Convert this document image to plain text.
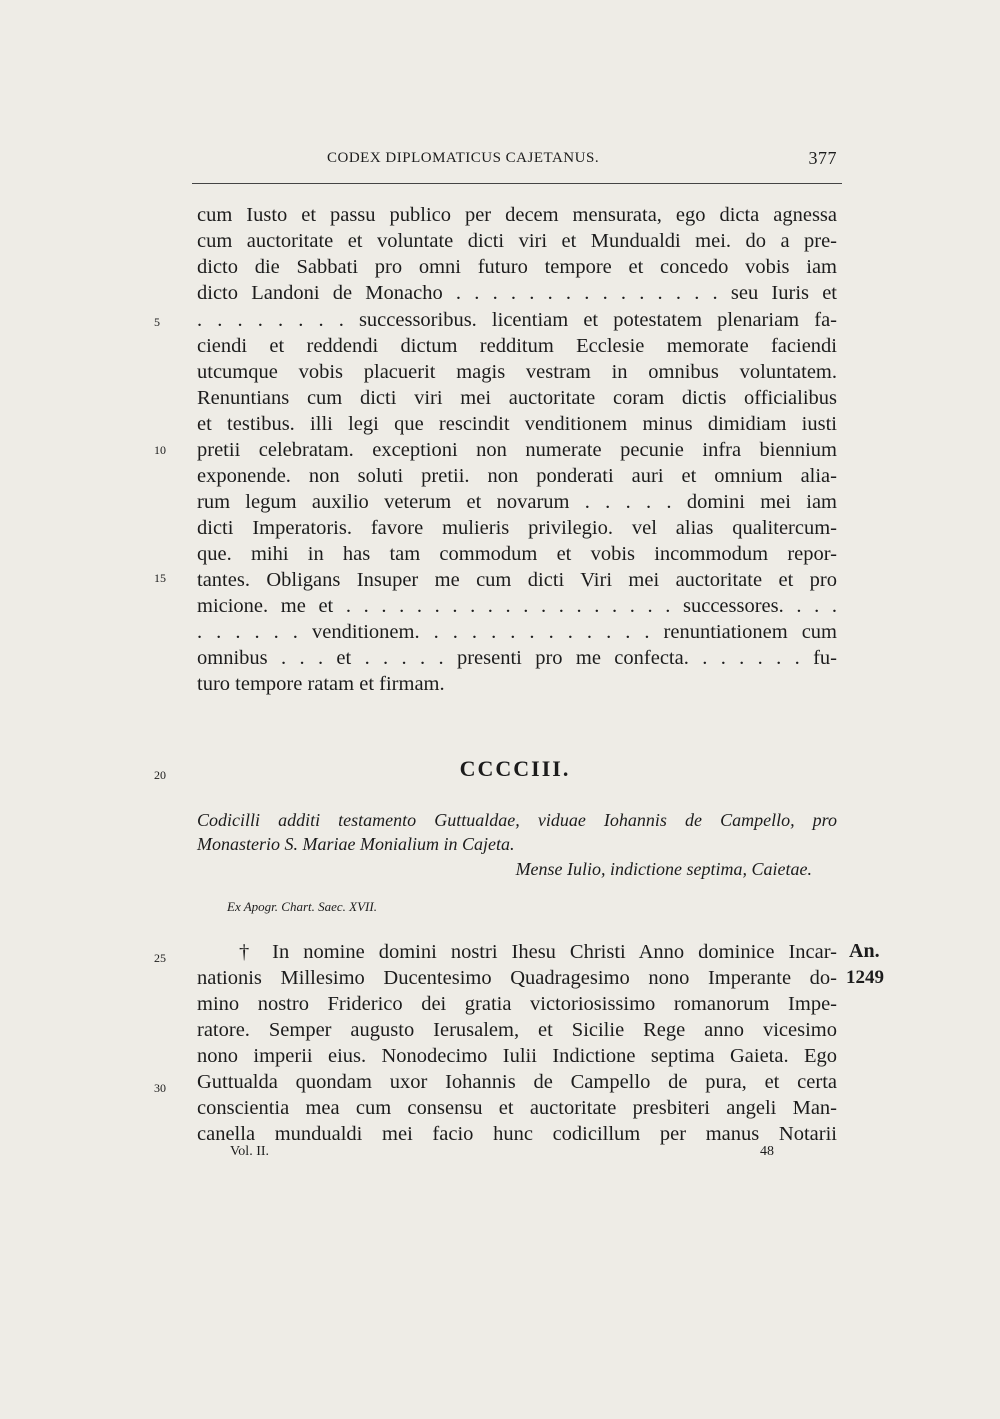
CODEX DIPLOMATICUS CAJETANUS.	377
cum Iusto et passu publico per decem mensurata, ego dicta agnessa
cum auctoritate et voluntate dicti viri et Mundualdi mei. do a pre-
dicto die Sabbati pro omni futuro tempore et concedo vobis iam
dicto Landoni de Monacho . . . . . . . . . . . . . . . seu Iuris et
. . . . . . . . successoribus. licentiam et potestatem plenariam fa-
ciendi et reddendi dictum redditum Ecclesie memorate faciendi
utcumque vobis placuerit magis vestram in omnibus voluntatem.
Renuntians cum dicti viri mei auctoritate coram dictis officialibus
et testibus. illi legi que rescindit venditionem minus dimidiam iusti
pretii celebratam. exceptioni non numerate pecunie infra biennium
exponende. non soluti pretii. non ponderati auri et omnium alia-
rum legum auxilio veterum et novarum . . . . . domini mei iam
dicti Imperatoris. favore mulieris privilegio. vel alias qualitercum-
que. mihi in has tam commodum et vobis incommodum repor-
tantes. Obligans Insuper me cum dicti Viri mei auctoritate et pro
micione. me et . . . . . . . . . . . . . . . . . . . successores. . . .
. . . . . . venditionem. . . . . . . . . . . . . renuntiationem cum
omnibus . . . et . . . . . presenti pro me confecta. . . . . . . fu-
turo tempore ratam et firmam.
5
10
15
20
25
30
CCCCIII.
Codicilli additi testamento Guttualdae, viduae Iohannis de Campello, pro
Monasterio S. Mariae Monialium in Cajeta.
Mense Iulio, indictione septima, Caietae.
Ex Apogr. Chart. Saec. XVII.
An.
1249
† In nomine domini nostri Ihesu Christi Anno dominice Incar-
nationis Millesimo Ducentesimo Quadragesimo nono Imperante do-
mino nostro Friderico dei gratia victoriosissimo romanorum Impe-
ratore. Semper augusto Ierusalem, et Sicilie Rege anno vicesimo
nono imperii eius. Nonodecimo Iulii Indictione septima Gaieta. Ego
Guttualda quondam uxor Iohannis de Campello de pura, et certa
conscientia mea cum consensu et auctoritate presbiteri angeli Man-
canella mundualdi mei facio hunc codicillum per manus Notarii
Vol. II.	48
